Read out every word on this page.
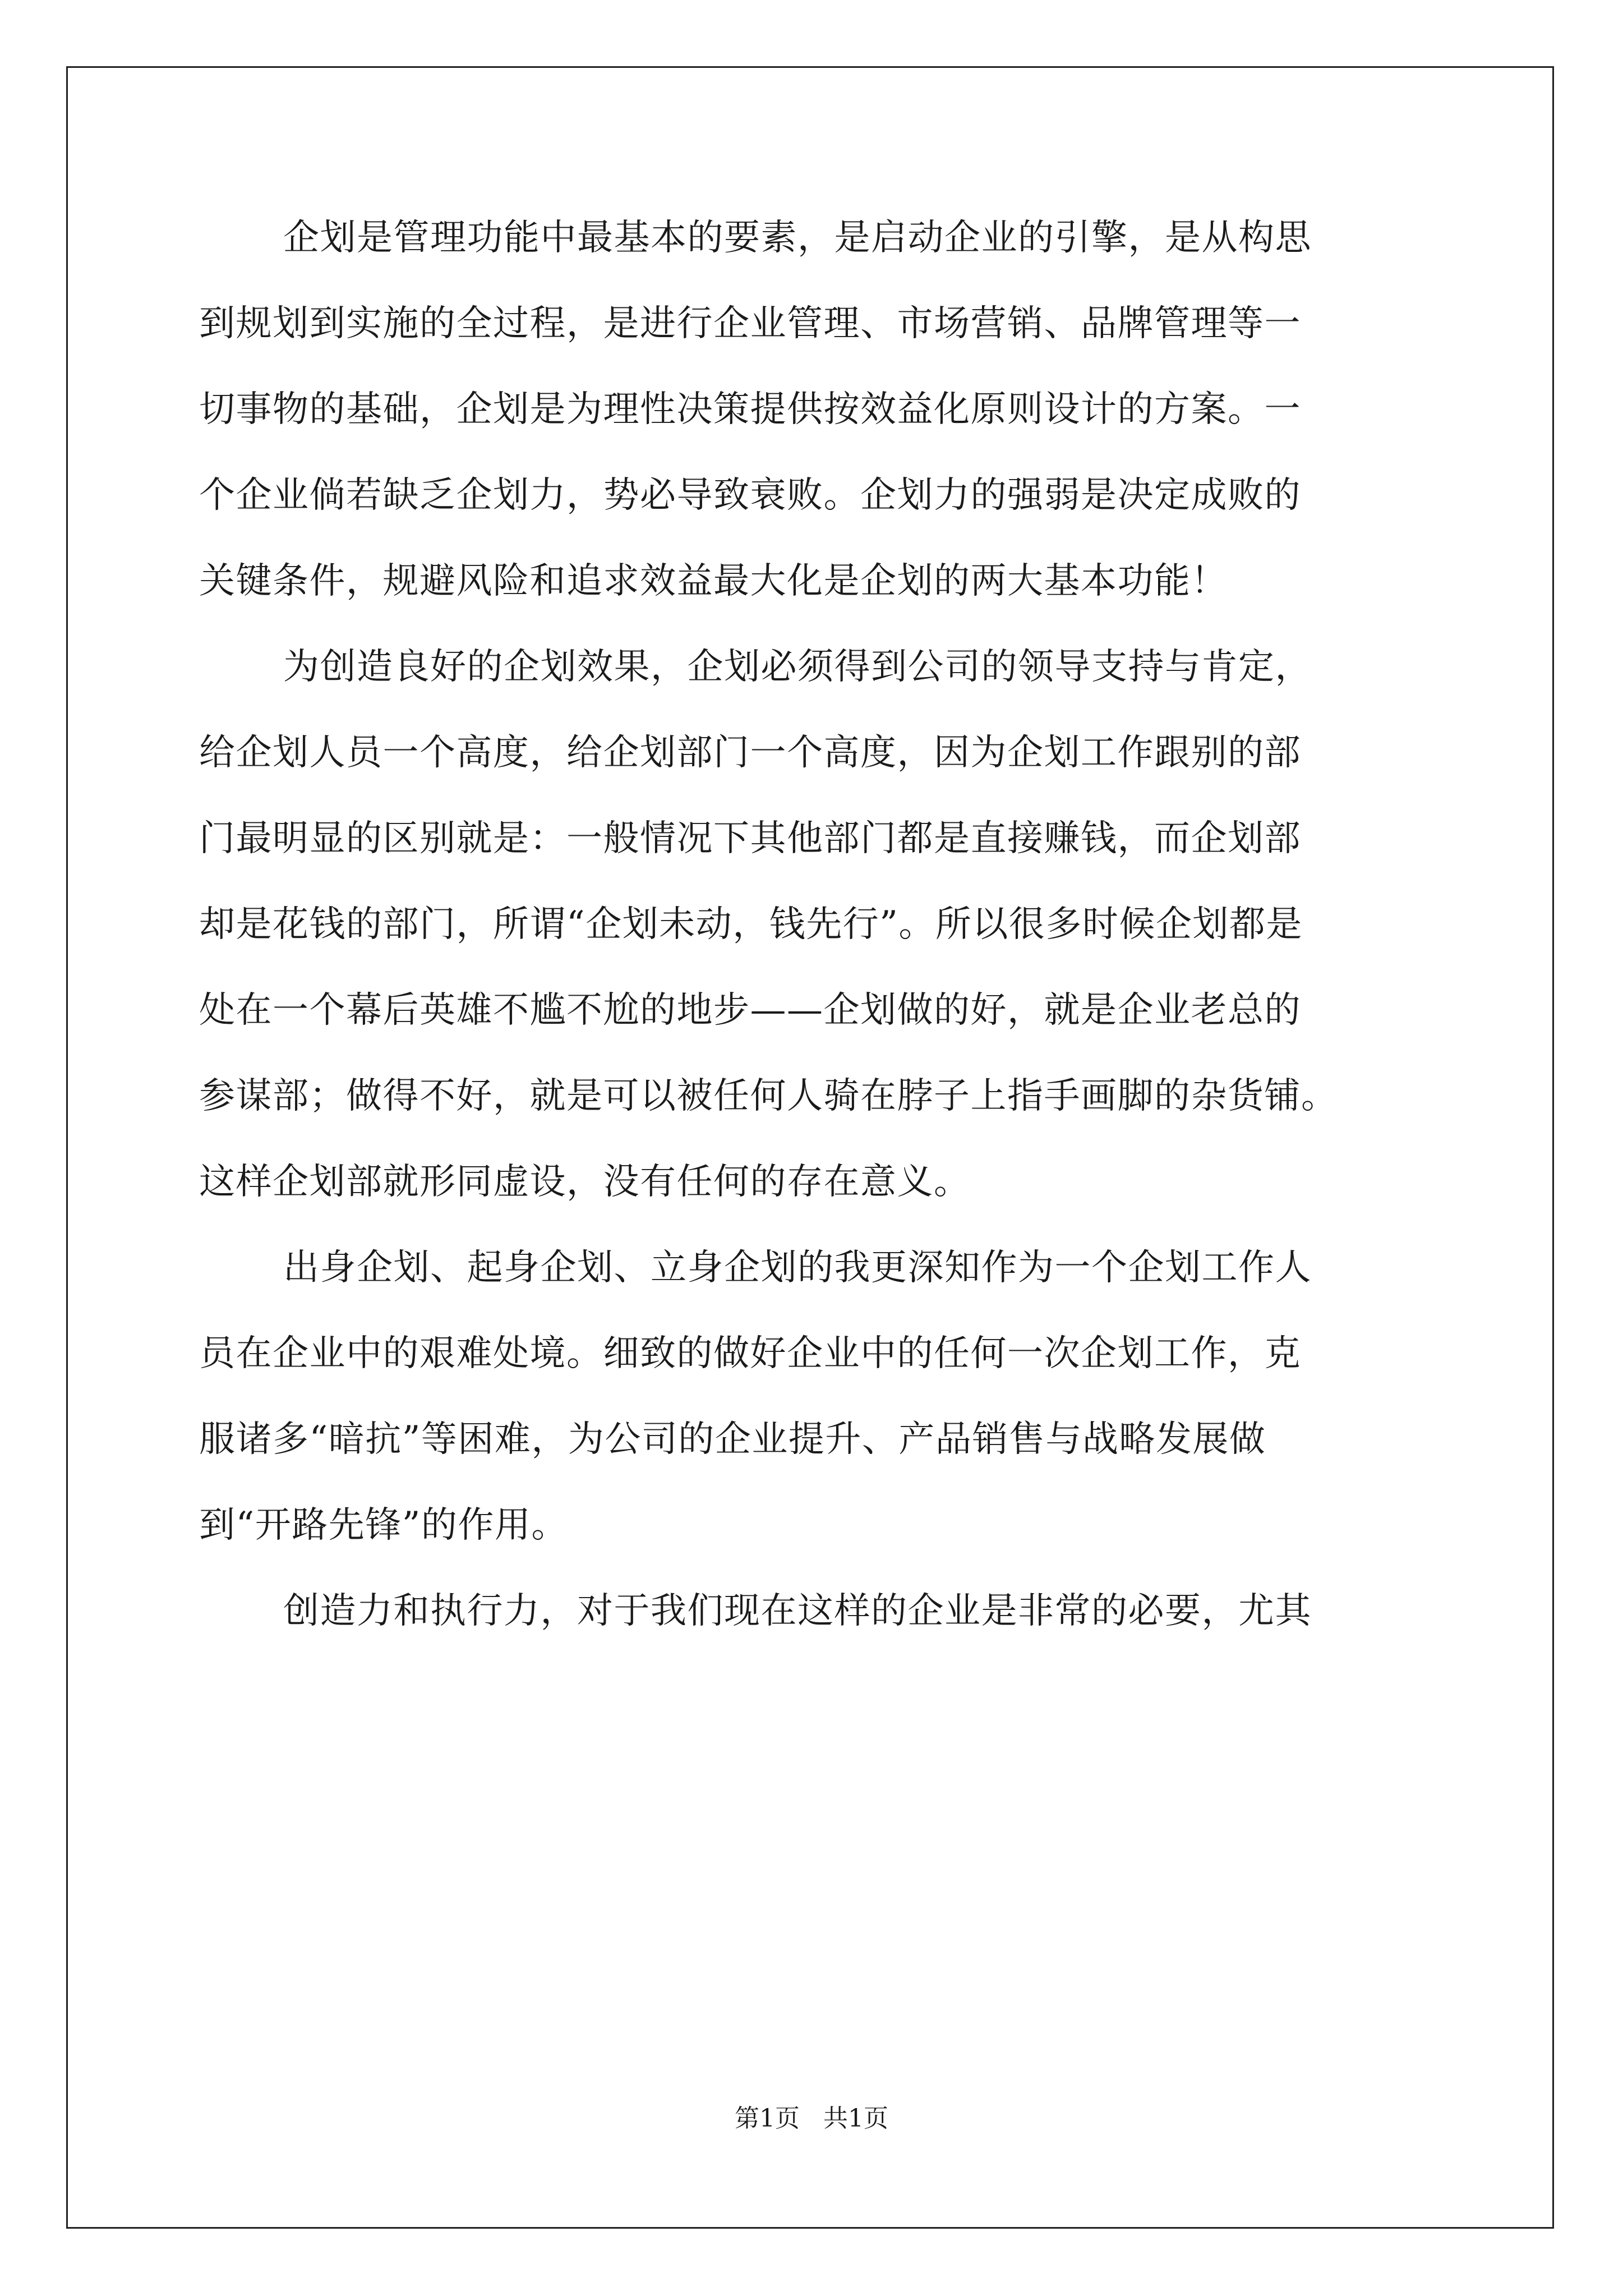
企划是管理功能中最基本的要素，是启动企业的引擎，是从构思
到规划到实施的全过程，是进行企业管理、市场营销、品牌管理等一
切事物的基础，企划是为理性决策提供按效益化原则设计的方案。一
个企业倘若缺乏企划力，势必导致衰败。企划力的强弱是决定成败的
关键条件，规避风险和追求效益最大化是企划的两大基本功能！
为创造良好的企划效果，企划必须得到公司的领导支持与肯定，
给企划人员一个高度，给企划部门一个高度，因为企划工作跟别的部
门最明显的区别就是：一般情况下其他部门都是直接赚钱，而企划部
却是花钱的部门，所谓“企划未动，钱先行”。所以很多时候企划都是
处在一个幕后英雄不尴不尬的地步——企划做的好，就是企业老总的
参谋部；做得不好，就是可以被任何人骑在脖子上指手画脚的杂货铺。
这样企划部就形同虚设，没有任何的存在意义。
出身企划、起身企划、立身企划的我更深知作为一个企划工作人
员在企业中的艰难处境。细致的做好企业中的任何一次企划工作，克
服诸多“暗抗”等困难，为公司的企业提升、产品销售与战略发展做
到“开路先锋”的作用。
创造力和执行力，对于我们现在这样的企业是非常的必要，尤其
第1页   共1页
